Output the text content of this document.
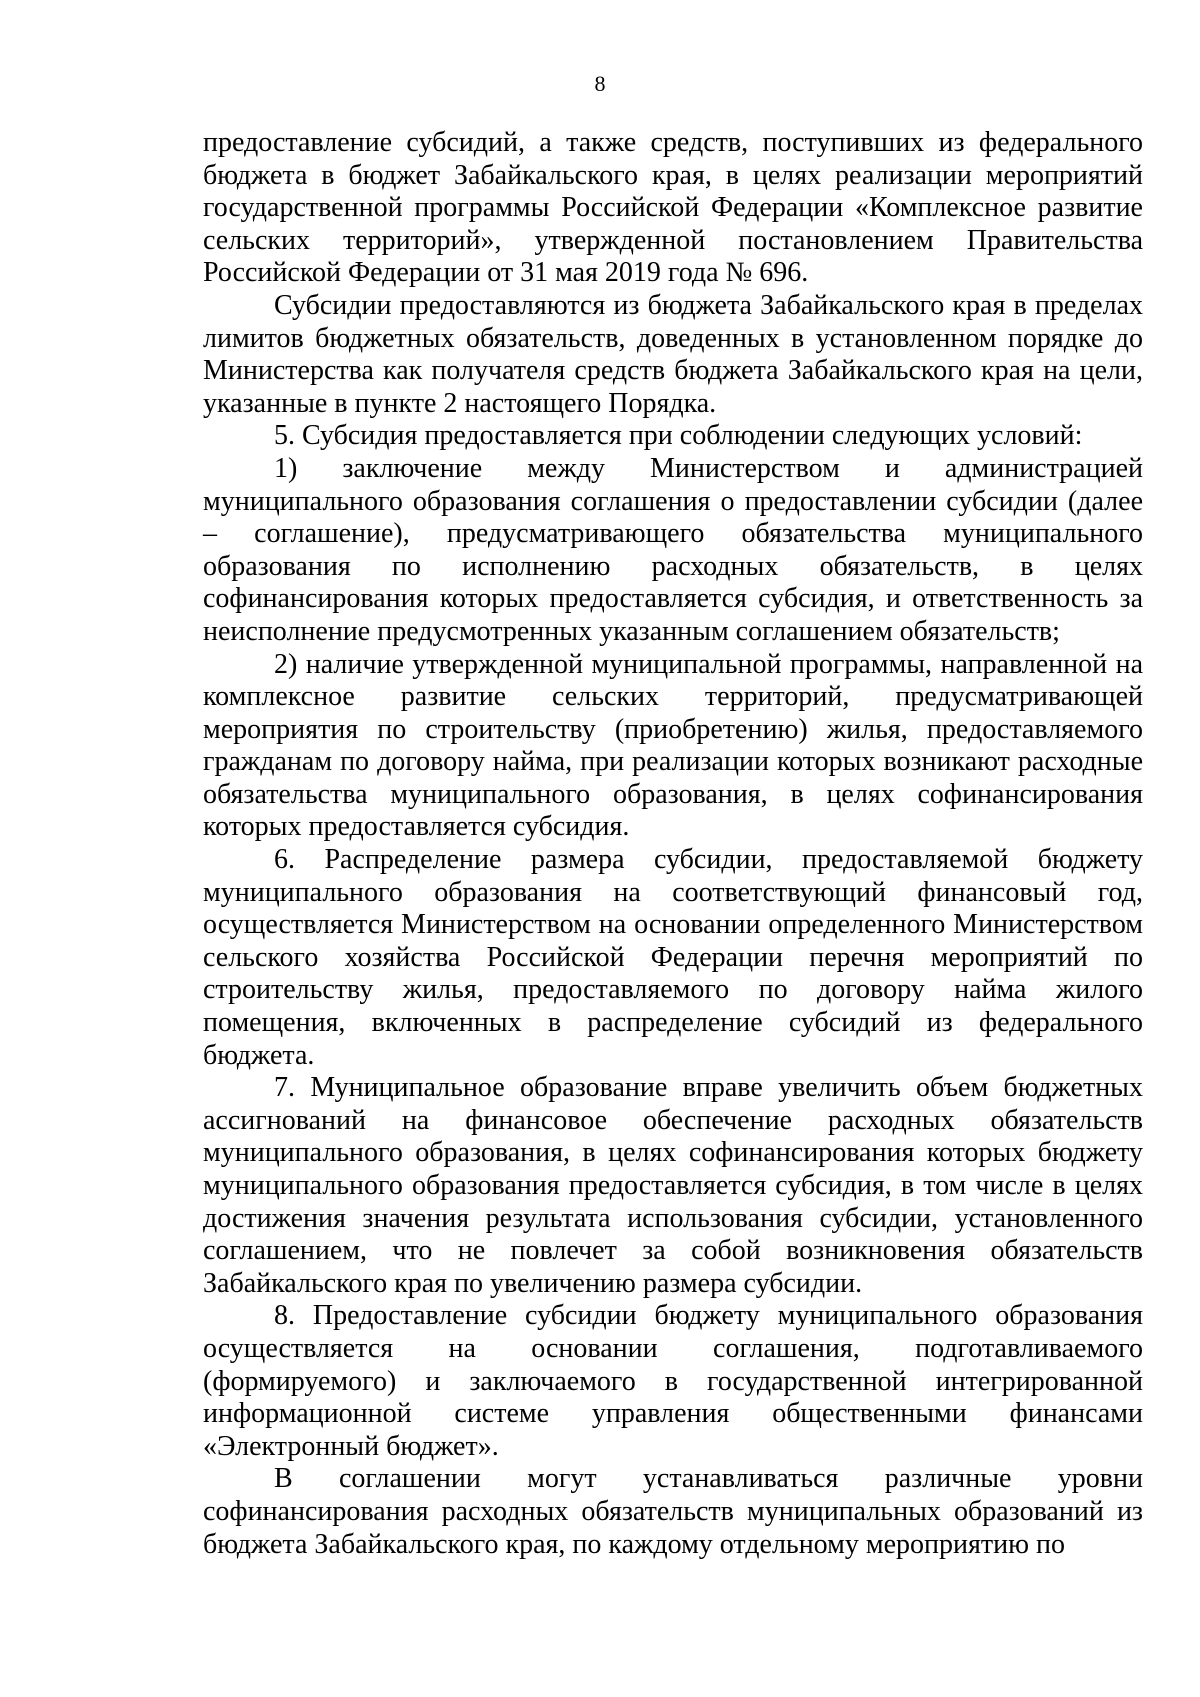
8

предоставление субсидий, а также средств, поступивших из федерального бюджета в бюджет Забайкальского края, в целях реализации мероприятий государственной программы Российской Федерации «Комплексное развитие сельских территорий», утвержденной постановлением Правительства Российской Федерации от 31 мая 2019 года № 696.

Субсидии предоставляются из бюджета Забайкальского края в пределах лимитов бюджетных обязательств, доведенных в установленном порядке до Министерства как получателя средств бюджета Забайкальского края на цели, указанные в пункте 2 настоящего Порядка.

5. Субсидия предоставляется при соблюдении следующих условий:

1) заключение между Министерством и администрацией муниципального образования соглашения о предоставлении субсидии (далее – соглашение), предусматривающего обязательства муниципального образования по исполнению расходных обязательств, в целях софинансирования которых предоставляется субсидия, и ответственность за неисполнение предусмотренных указанным соглашением обязательств;

2) наличие утвержденной муниципальной программы, направленной на комплексное развитие сельских территорий, предусматривающей мероприятия по строительству (приобретению) жилья, предоставляемого гражданам по договору найма, при реализации которых возникают расходные обязательства муниципального образования, в целях софинансирования которых предоставляется субсидия.

6. Распределение размера субсидии, предоставляемой бюджету муниципального образования на соответствующий финансовый год, осуществляется Министерством на основании определенного Министерством сельского хозяйства Российской Федерации перечня мероприятий по строительству жилья, предоставляемого по договору найма жилого помещения, включенных в распределение субсидий из федерального бюджета.

7. Муниципальное образование вправе увеличить объем бюджетных ассигнований на финансовое обеспечение расходных обязательств муниципального образования, в целях софинансирования которых бюджету муниципального образования предоставляется субсидия, в том числе в целях достижения значения результата использования субсидии, установленного соглашением, что не повлечет за собой возникновения обязательств Забайкальского края по увеличению размера субсидии.

8. Предоставление субсидии бюджету муниципального образования осуществляется на основании соглашения, подготавливаемого (формируемого) и заключаемого в государственной интегрированной информационной системе управления общественными финансами «Электронный бюджет».

В соглашении могут устанавливаться различные уровни софинансирования расходных обязательств муниципальных образований из бюджета Забайкальского края, по каждому отдельному мероприятию по
